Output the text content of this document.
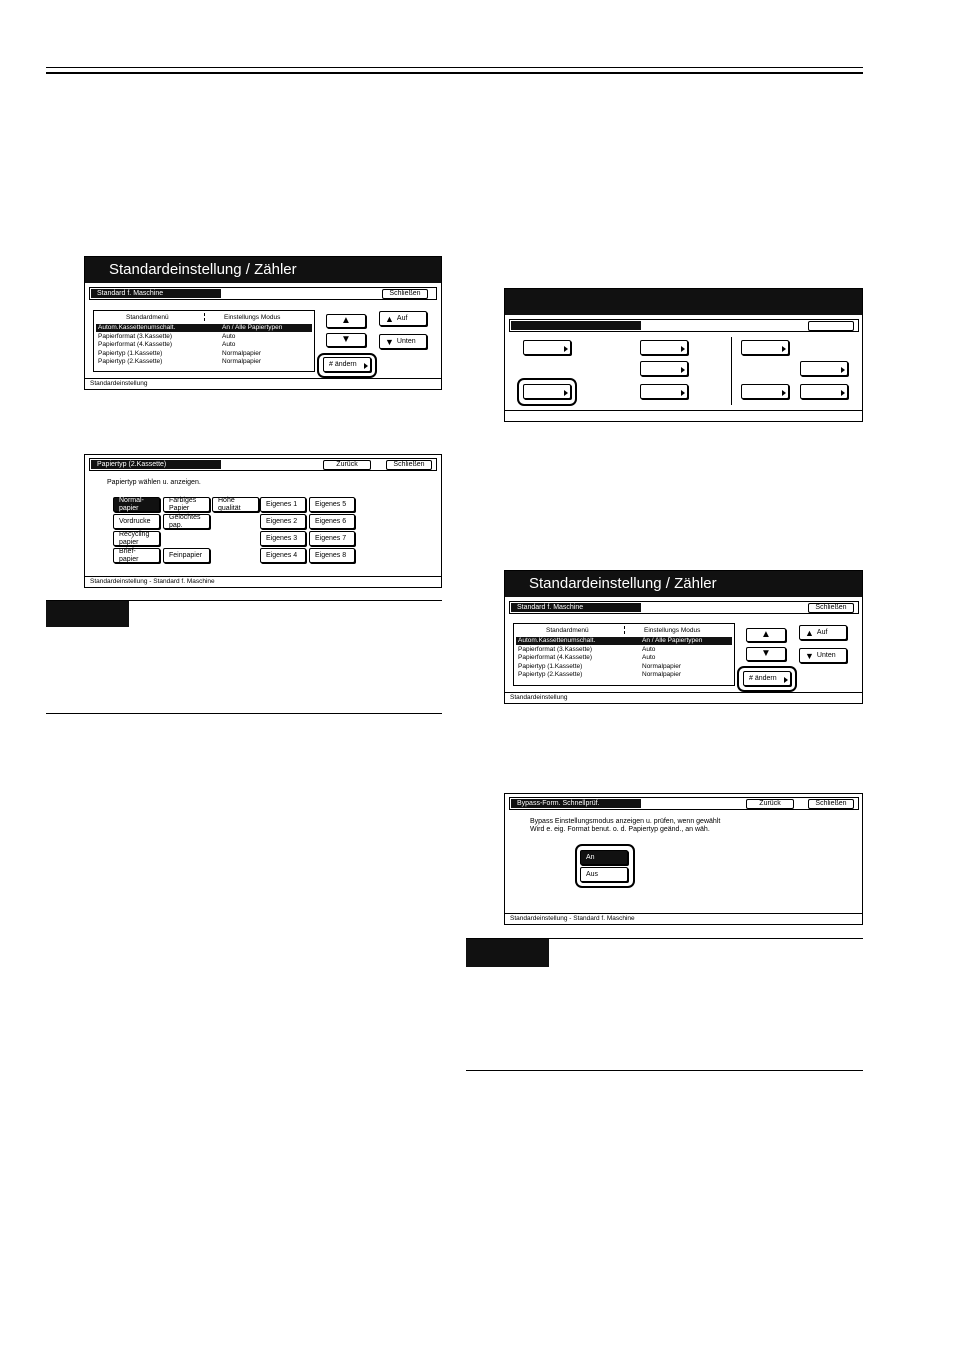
Standardeinstellung / Zähler
Standard f. Maschine	Schließen
Standardmenü	Einstellungs Modus
Autom.Kassettenumschalt.	An / Alle Papiertypen
Papierformat (3.Kassette)	Auto
Papierformat (4.Kassette)	Auto
Papiertyp (1.Kassette)	Normalpapier
Papiertyp (2.Kassette)	Normalpapier
▲
▼
▲ Auf
▼ Unten
# ändern
Standardeinstellung
Papiertyp (2.Kassette)	Zurück	Schließen
Papiertyp wählen u. anzeigen.
Normal-
papier
Farbiges
Papier
Hohe
qualität
Vordrucke
Gelochtes
pap.
Recycling
papier
Brief-
papier
Feinpapier
Eigenes 1	Eigenes 5
Eigenes 2	Eigenes 6
Eigenes 3	Eigenes 7
Eigenes 4	Eigenes 8
Standardeinstellung - Standard f. Maschine	Standardeinstellung / Zähler
Standard f. Maschine	Schließen
Standardmenü	Einstellungs Modus
Autom.Kassettenumschalt.	An / Alle Papiertypen
Papierformat (3.Kassette)	Auto
Papierformat (4.Kassette)	Auto
Papiertyp (1.Kassette)	Normalpapier
Papiertyp (2.Kassette)	Normalpapier
▲
▼
▲ Auf
▼ Unten
# ändern
Standardeinstellung
Bypass-Form. Schnellprüf.	Zurück	Schließen
Bypass Einstellungsmodus anzeigen u. prüfen, wenn gewählt
Wird e. eig. Format benut. o. d. Papiertyp geänd., an wäh.
An
Aus
Standardeinstellung - Standard f. Maschine
